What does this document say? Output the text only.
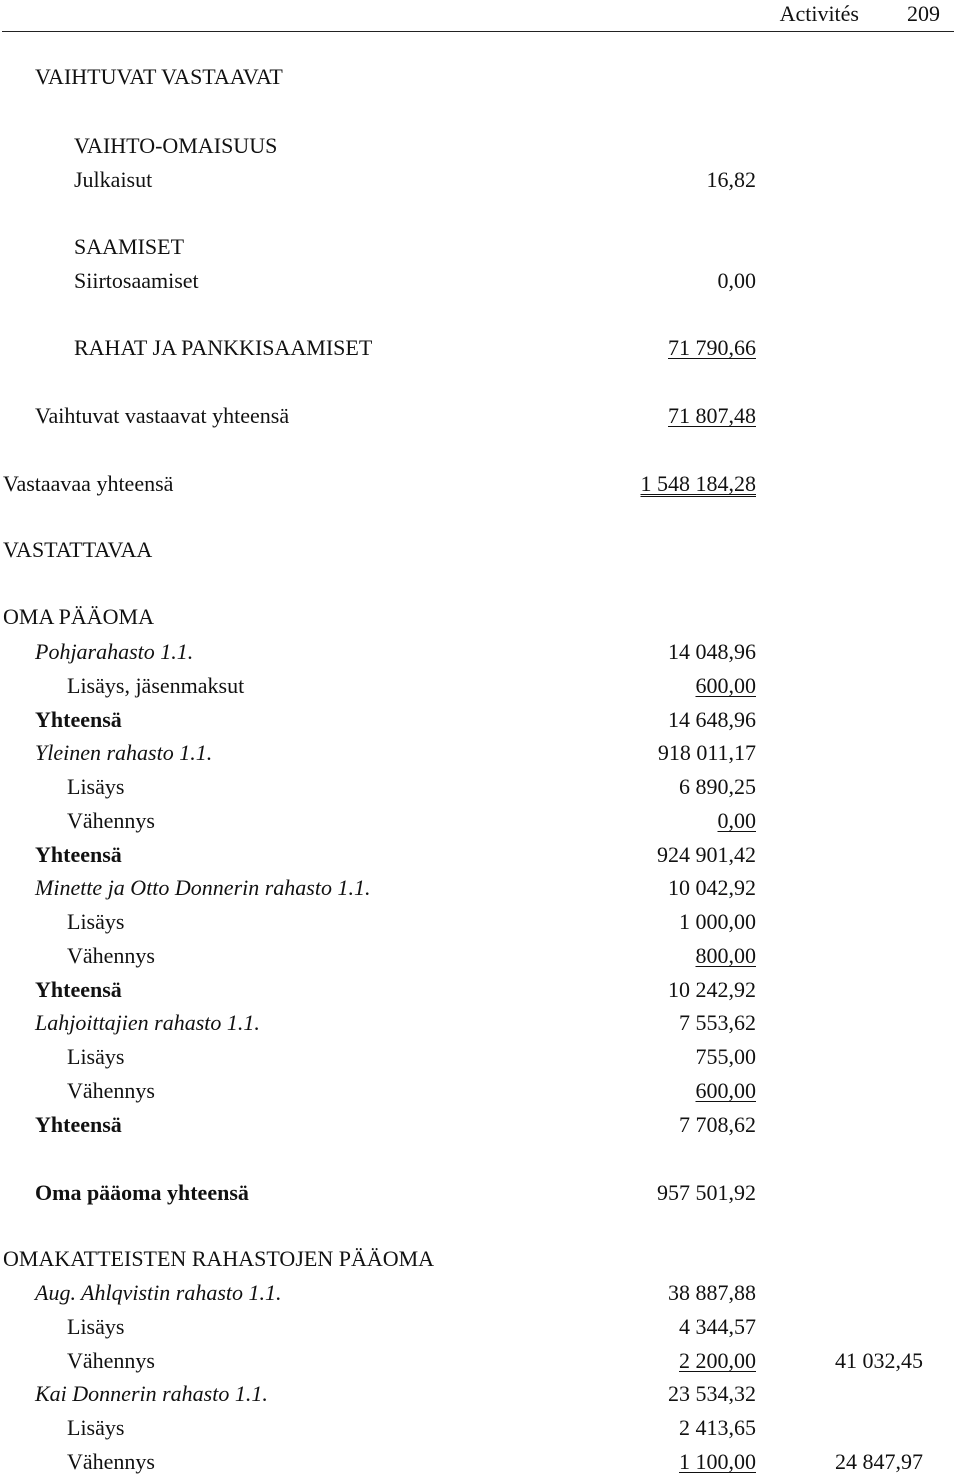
Activités 209
VAIHTUVAT VASTAAVAT
VAIHTO-OMAISUUS
Julkaisut	16,82
SAAMISET
Siirtosaamiset	0,00
RAHAT JA PANKKISAAMISET	71 790,66
Vaihtuvat vastaavat yhteensä	71 807,48
Vastaavaa yhteensä	1 548 184,28
VASTATTAVAA
OMA PÄÄOMA
Pohjarahasto 1.1.	14 048,96
Lisäys, jäsenmaksut	600,00
Yhteensä	14 648,96
Yleinen rahasto 1.1.	918 011,17
Lisäys	6 890,25
Vähennys	0,00
Yhteensä	924 901,42
Minette ja Otto Donnerin rahasto 1.1.	10 042,92
Lisäys	1 000,00
Vähennys	800,00
Yhteensä	10 242,92
Lahjoittajien rahasto 1.1.	7 553,62
Lisäys	755,00
Vähennys	600,00
Yhteensä	7 708,62
Oma pääoma yhteensä	957 501,92
OMAKATTEISTEN RAHASTOJEN PÄÄOMA
Aug. Ahlqvistin rahasto 1.1.	38 887,88
Lisäys	4 344,57
Vähennys	2 200,00	41 032,45
Kai Donnerin rahasto 1.1.	23 534,32
Lisäys	2 413,65
Vähennys	1 100,00	24 847,97
